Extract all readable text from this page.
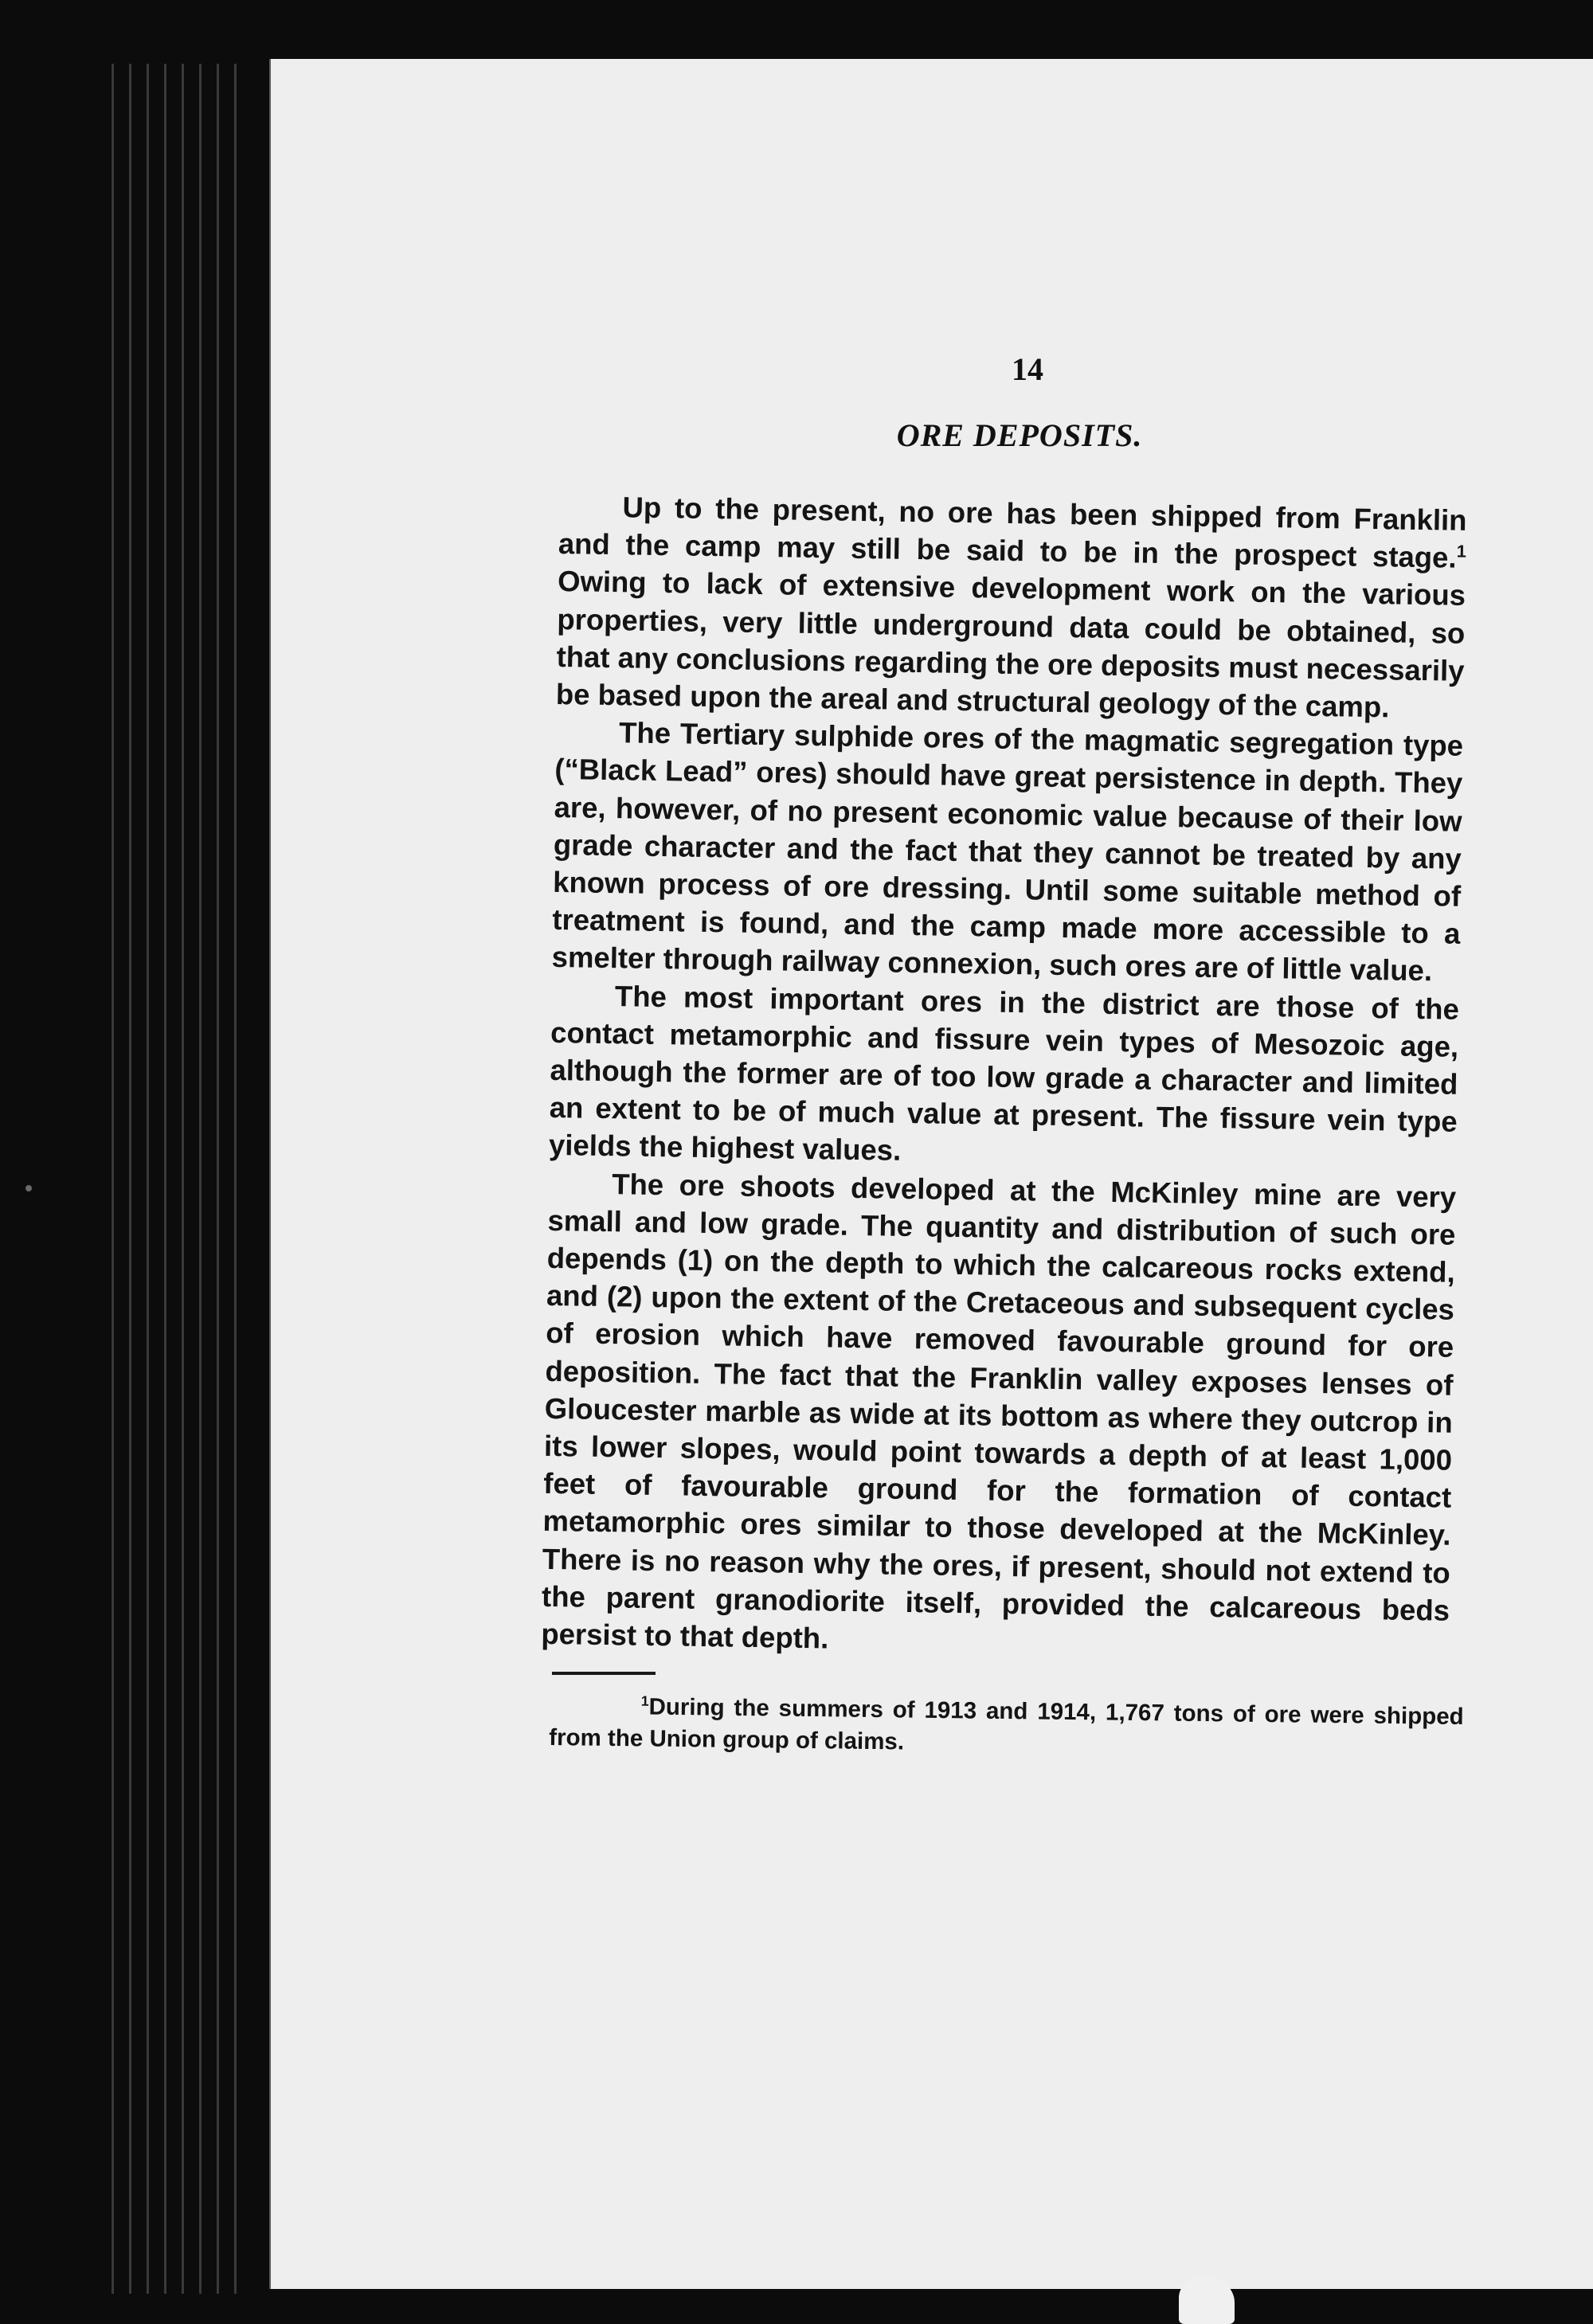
14
ORE DEPOSITS.

Up to the present, no ore has been shipped from Franklin and the camp may still be said to be in the prospect stage.$^1$ Owing to lack of extensive development work on the various properties, very little underground data could be obtained, so that any conclusions regarding the ore deposits must necessarily be based upon the areal and structural geology of the camp.

The Tertiary sulphide ores of the magmatic segregation type (“Black Lead” ores) should have great persistence in depth. They are, however, of no present economic value because of their low grade character and the fact that they cannot be treated by any known process of ore dressing. Until some suitable method of treatment is found, and the camp made more accessible to a smelter through railway connexion, such ores are of little value.

The most important ores in the district are those of the contact metamorphic and fissure vein types of Mesozoic age, although the former are of too low grade a character and limited an extent to be of much value at present. The fissure vein type yields the highest values.

The ore shoots developed at the McKinley mine are very small and low grade. The quantity and distribution of such ore depends (1) on the depth to which the calcareous rocks extend, and (2) upon the extent of the Cretaceous and subsequent cycles of erosion which have removed favourable ground for ore deposition. The fact that the Franklin valley exposes lenses of Gloucester marble as wide at its bottom as where they outcrop in its lower slopes, would point towards a depth of at least 1,000 feet of favourable ground for the formation of contact metamorphic ores similar to those developed at the McKinley. There is no reason why the ores, if present, should not extend to the parent granodiorite itself, provided the calcareous beds persist to that depth.

$^1$During the summers of 1913 and 1914, 1,767 tons of ore were shipped from the Union group of claims.
